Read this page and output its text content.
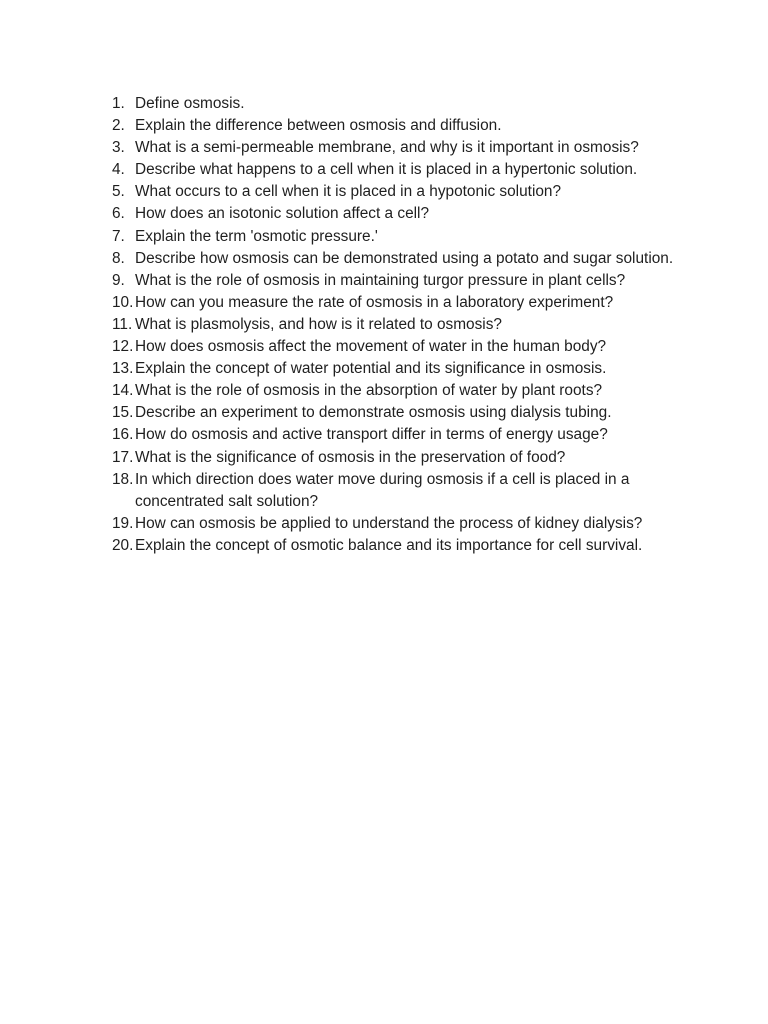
1. Define osmosis.
2. Explain the difference between osmosis and diffusion.
3. What is a semi-permeable membrane, and why is it important in osmosis?
4. Describe what happens to a cell when it is placed in a hypertonic solution.
5. What occurs to a cell when it is placed in a hypotonic solution?
6. How does an isotonic solution affect a cell?
7. Explain the term 'osmotic pressure.'
8. Describe how osmosis can be demonstrated using a potato and sugar solution.
9. What is the role of osmosis in maintaining turgor pressure in plant cells?
10. How can you measure the rate of osmosis in a laboratory experiment?
11. What is plasmolysis, and how is it related to osmosis?
12. How does osmosis affect the movement of water in the human body?
13. Explain the concept of water potential and its significance in osmosis.
14. What is the role of osmosis in the absorption of water by plant roots?
15. Describe an experiment to demonstrate osmosis using dialysis tubing.
16. How do osmosis and active transport differ in terms of energy usage?
17. What is the significance of osmosis in the preservation of food?
18. In which direction does water move during osmosis if a cell is placed in a concentrated salt solution?
19. How can osmosis be applied to understand the process of kidney dialysis?
20. Explain the concept of osmotic balance and its importance for cell survival.
